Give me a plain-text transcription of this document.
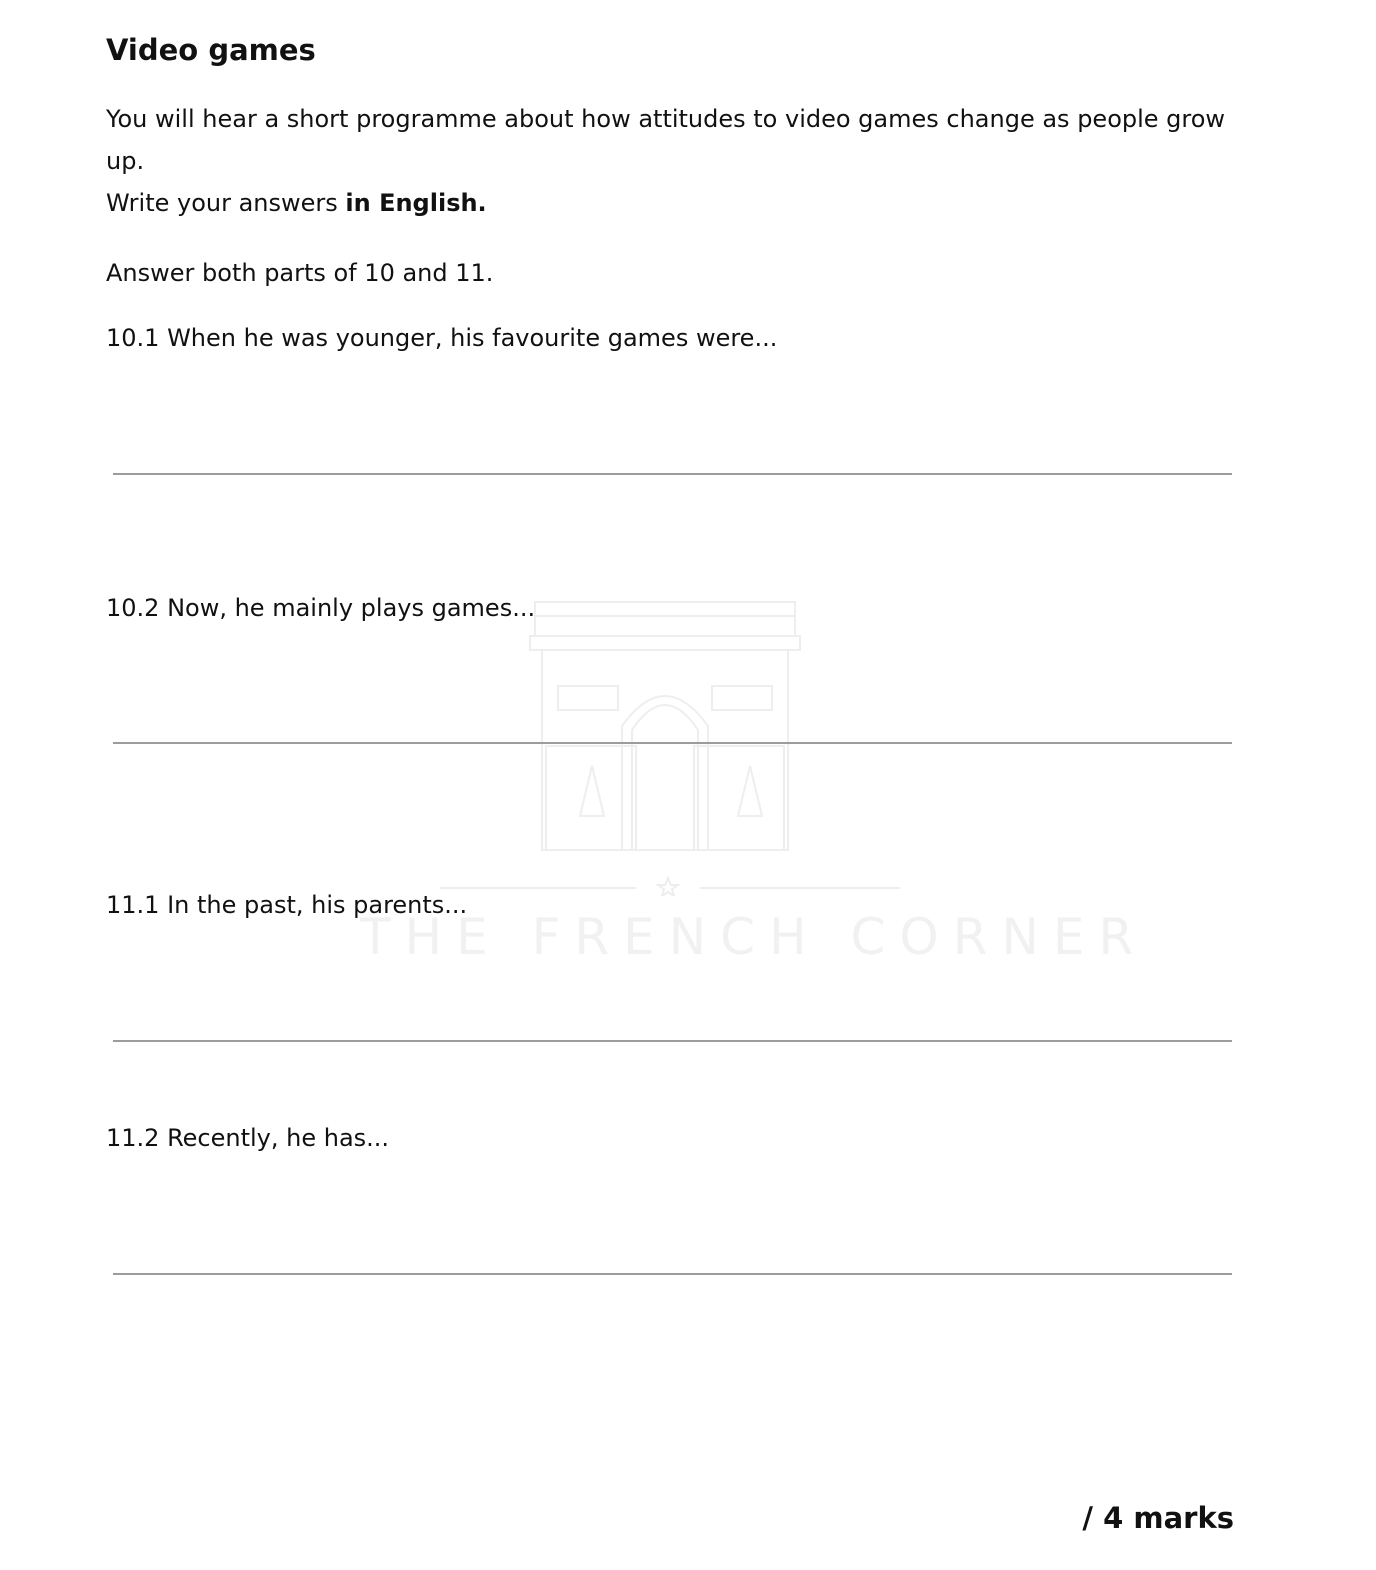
THE FRENCH CORNER
Video games

You will hear a short programme about how attitudes to video games change as people grow up.
Write your answers in English.

Answer both parts of 10 and 11.

10.1 When he was younger, his favourite games were...

10.2 Now, he mainly plays games...

11.1 In the past, his parents...

11.2 Recently, he has...

/ 4 marks
